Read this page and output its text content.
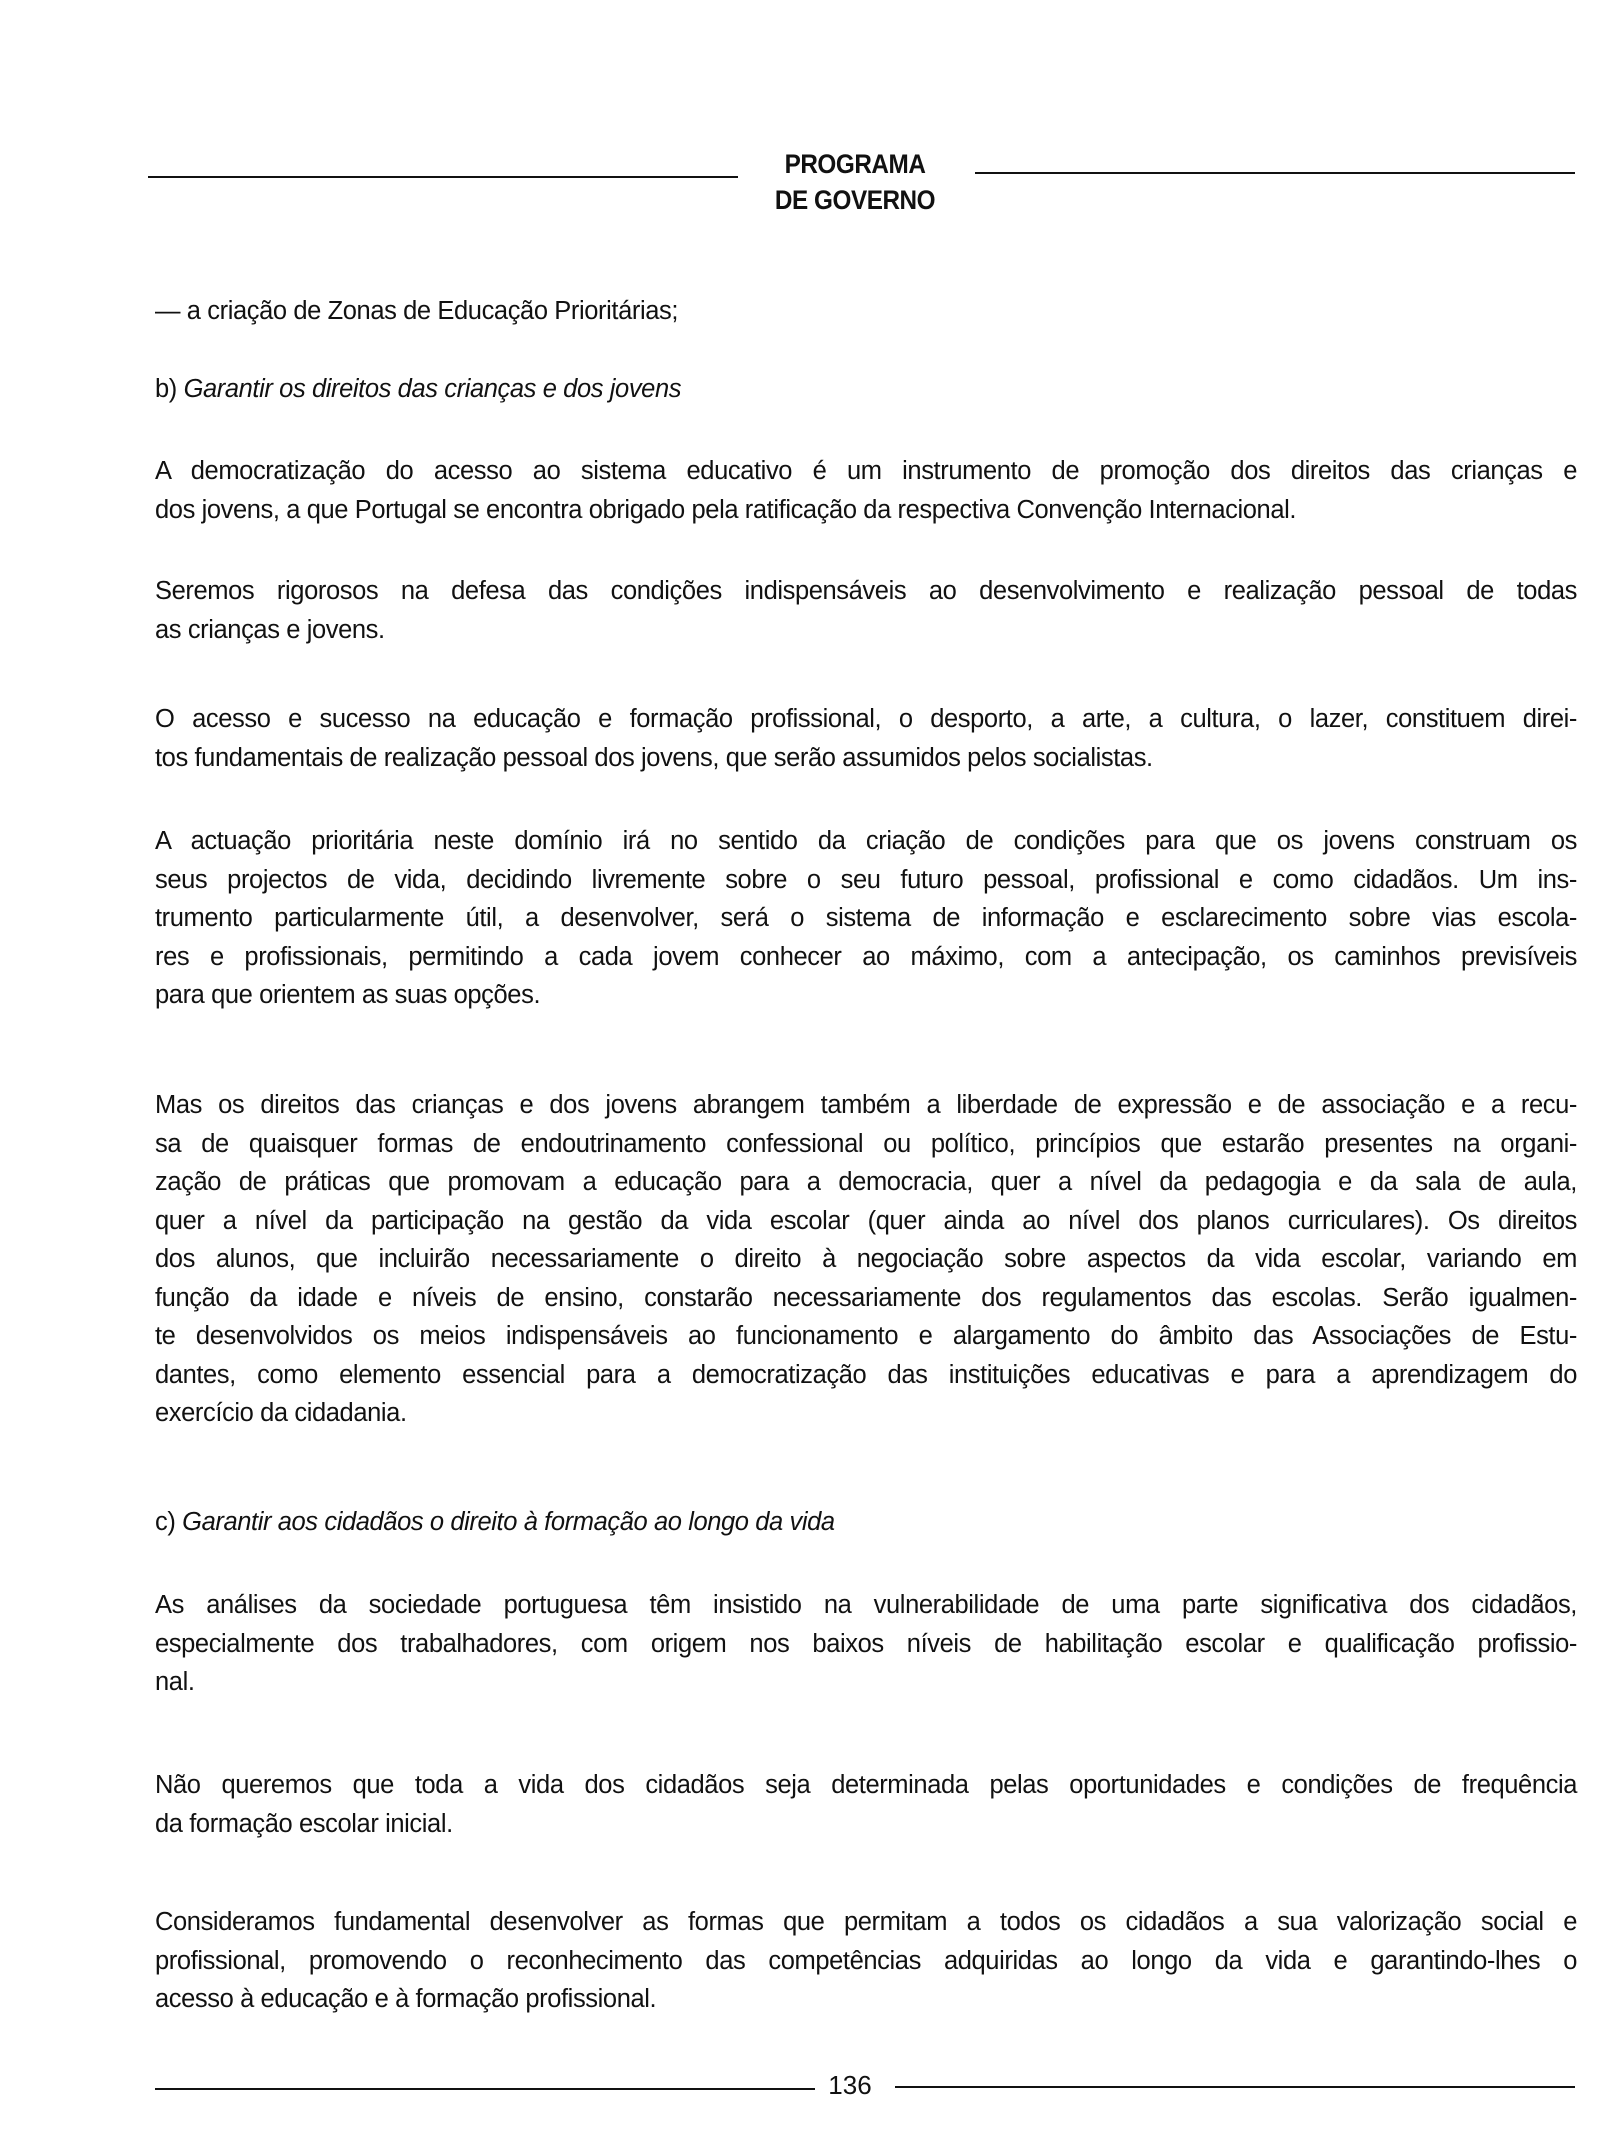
PROGRAMA
DE GOVERNO
— a criação de Zonas de Educação Prioritárias;
b) Garantir os direitos das crianças e dos jovens
A democratização do acesso ao sistema educativo é um instrumento de promoção dos direitos das crianças e
dos jovens, a que Portugal se encontra obrigado pela ratificação da respectiva Convenção Internacional.
Seremos rigorosos na defesa das condições indispensáveis ao desenvolvimento e realização pessoal de todas
as crianças e jovens.
O acesso e sucesso na educação e formação profissional, o desporto, a arte, a cultura, o lazer, constituem direi-
tos fundamentais de realização pessoal dos jovens, que serão assumidos pelos socialistas.
A actuação prioritária neste domínio irá no sentido da criação de condições para que os jovens construam os
seus projectos de vida, decidindo livremente sobre o seu futuro pessoal, profissional e como cidadãos. Um ins-
trumento particularmente útil, a desenvolver, será o sistema de informação e esclarecimento sobre vias escola-
res e profissionais, permitindo a cada jovem conhecer ao máximo, com a antecipação, os caminhos previsíveis
para que orientem as suas opções.
Mas os direitos das crianças e dos jovens abrangem também a liberdade de expressão e de associação e a recu-
sa de quaisquer formas de endoutrinamento confessional ou político, princípios que estarão presentes na organi-
zação de práticas que promovam a educação para a democracia, quer a nível da pedagogia e da sala de aula,
quer a nível da participação na gestão da vida escolar (quer ainda ao nível dos planos curriculares). Os direitos
dos alunos, que incluirão necessariamente o direito à negociação sobre aspectos da vida escolar, variando em
função da idade e níveis de ensino, constarão necessariamente dos regulamentos das escolas. Serão igualmen-
te desenvolvidos os meios indispensáveis ao funcionamento e alargamento do âmbito das Associações de Estu-
dantes, como elemento essencial para a democratização das instituições educativas e para a aprendizagem do
exercício da cidadania.
c) Garantir aos cidadãos o direito à formação ao longo da vida
As análises da sociedade portuguesa têm insistido na vulnerabilidade de uma parte significativa dos cidadãos,
especialmente dos trabalhadores, com origem nos baixos níveis de habilitação escolar e qualificação profissio-
nal.
Não queremos que toda a vida dos cidadãos seja determinada pelas oportunidades e condições de frequência
da formação escolar inicial.
Consideramos fundamental desenvolver as formas que permitam a todos os cidadãos a sua valorização social e
profissional, promovendo o reconhecimento das competências adquiridas ao longo da vida e garantindo-lhes o
acesso à educação e à formação profissional.
136
